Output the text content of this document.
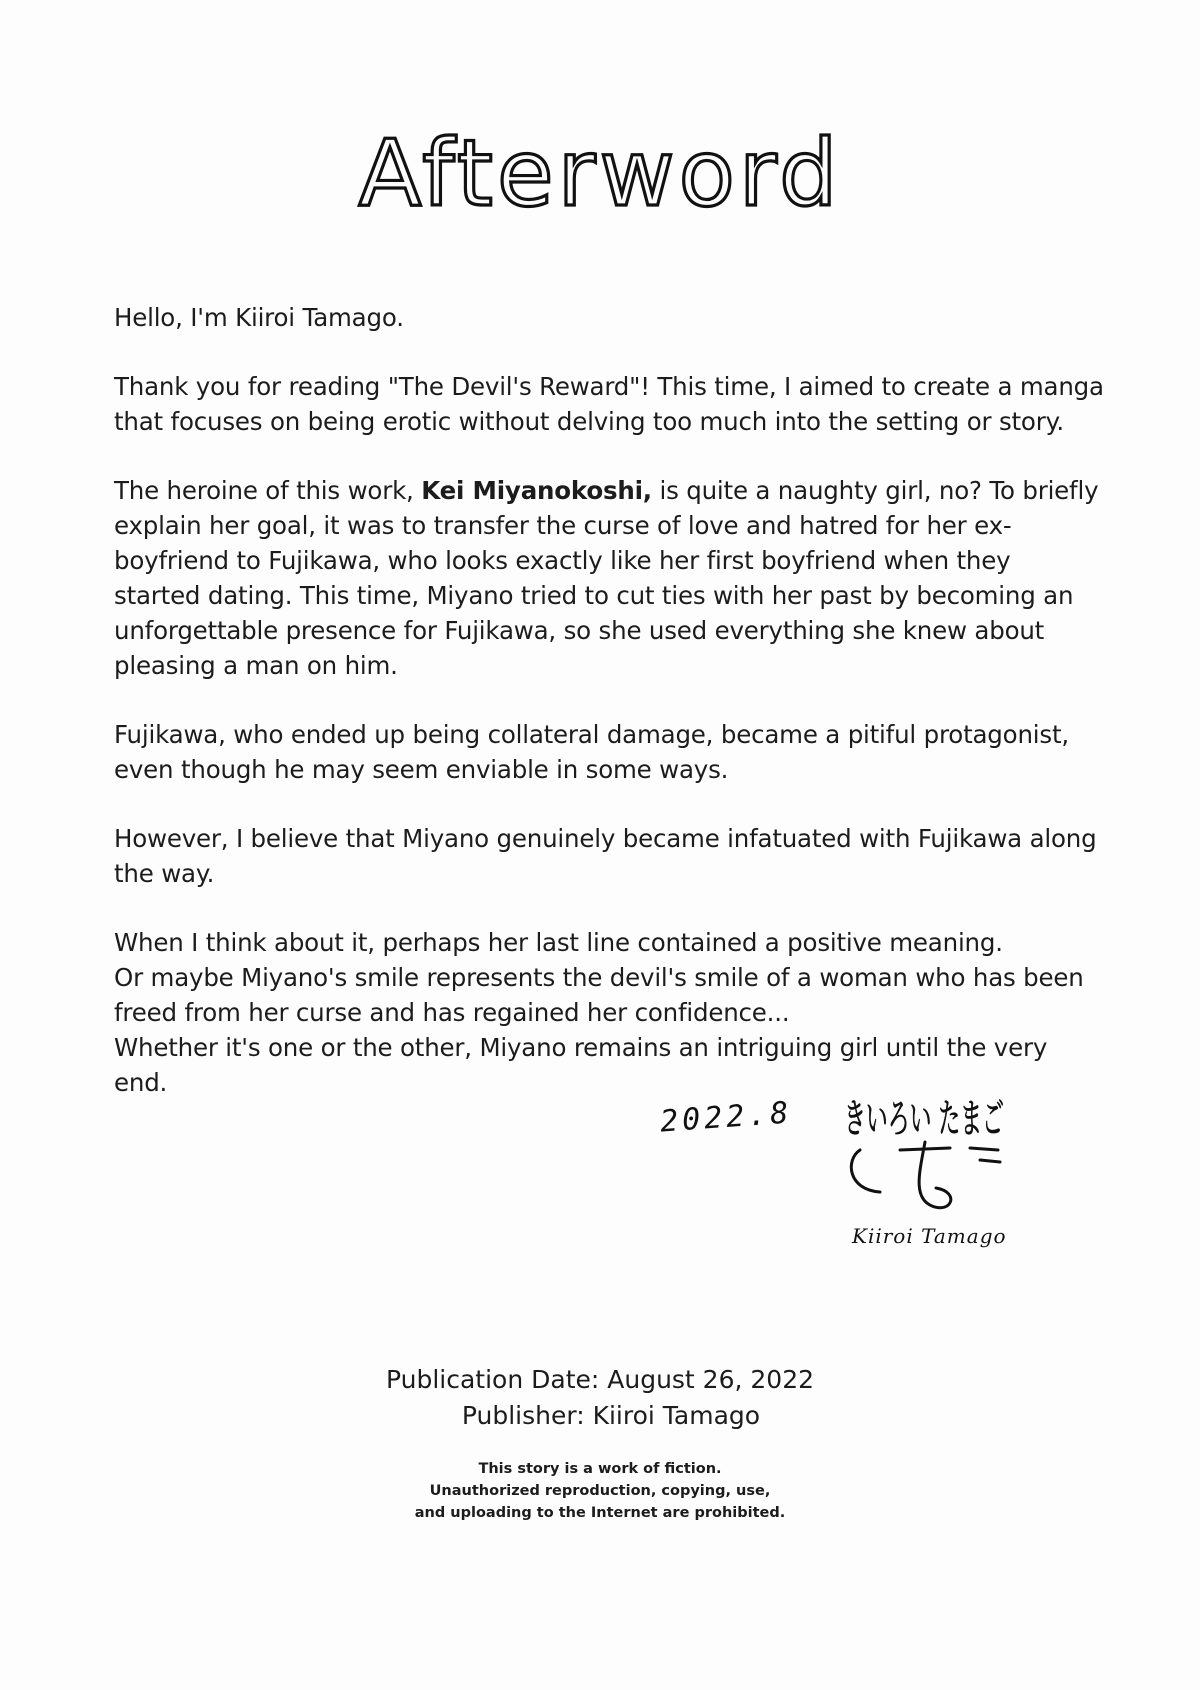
Afterword

Hello, I'm Kiiroi Tamago.

Thank you for reading "The Devil's Reward"! This time, I aimed to create a manga that focuses on being erotic without delving too much into the setting or story.

The heroine of this work, Kei Miyanokoshi, is quite a naughty girl, no? To briefly explain her goal, it was to transfer the curse of love and hatred for her ex-boyfriend to Fujikawa, who looks exactly like her first boyfriend when they started dating. This time, Miyano tried to cut ties with her past by becoming an unforgettable presence for Fujikawa, so she used everything she knew about pleasing a man on him.

Fujikawa, who ended up being collateral damage, became a pitiful protagonist, even though he may seem enviable in some ways.

However, I believe that Miyano genuinely became infatuated with Fujikawa along the way.

When I think about it, perhaps her last line contained a positive meaning.
Or maybe Miyano's smile represents the devil's smile of a woman who has been freed from her curse and has regained her confidence...
Whether it's one or the other, Miyano remains an intriguing girl until the very end.

2022.8 きいろい たまご
Kiiroi Tamago
Publication Date: August 26, 2022
Publisher: Kiiroi Tamago
This story is a work of fiction.
Unauthorized reproduction, copying, use,
and uploading to the Internet are prohibited.
